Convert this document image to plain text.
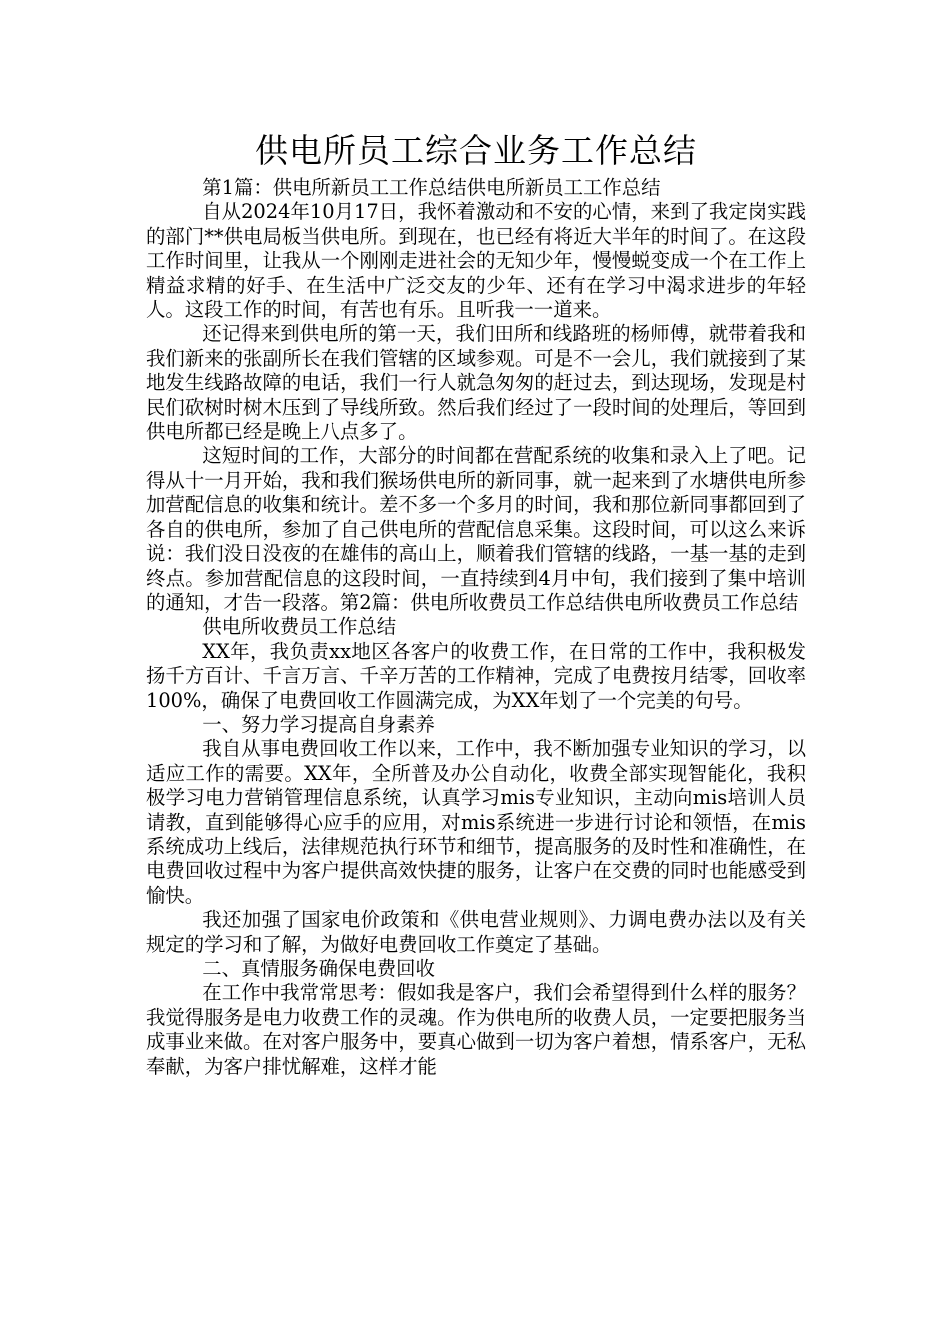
供电所员工综合业务工作总结

第1篇：供电所新员工工作总结供电所新员工工作总结

自从2024年10月17日，我怀着激动和不安的心情，来到了我定岗实践的部门**供电局板当供电所。到现在，也已经有将近大半年的时间了。在这段工作时间里，让我从一个刚刚走进社会的无知少年，慢慢蜕变成一个在工作上精益求精的好手、在生活中广泛交友的少年、还有在学习中渴求进步的年轻人。这段工作的时间，有苦也有乐。且听我一一道来。

还记得来到供电所的第一天，我们田所和线路班的杨师傅，就带着我和我们新来的张副所长在我们管辖的区域参观。可是不一会儿，我们就接到了某地发生线路故障的电话，我们一行人就急匆匆的赶过去，到达现场，发现是村民们砍树时树木压到了导线所致。然后我们经过了一段时间的处理后，等回到供电所都已经是晚上八点多了。

这短时间的工作，大部分的时间都在营配系统的收集和录入上了吧。记得从十一月开始，我和我们猴场供电所的新同事，就一起来到了水塘供电所参加营配信息的收集和统计。差不多一个多月的时间，我和那位新同事都回到了各自的供电所，参加了自己供电所的营配信息采集。这段时间，可以这么来诉说：我们没日没夜的在雄伟的高山上，顺着我们管辖的线路，一基一基的走到终点。参加营配信息的这段时间，一直持续到4月中旬，我们接到了集中培训的通知，才告一段落。第2篇：供电所收费员工作总结供电所收费员工作总结

供电所收费员工作总结

XX年，我负责xx地区各客户的收费工作，在日常的工作中，我积极发扬千方百计、千言万言、千辛万苦的工作精神，完成了电费按月结零，回收率100%，确保了电费回收工作圆满完成，为XX年划了一个完美的句号。

一、努力学习提高自身素养

我自从事电费回收工作以来，工作中，我不断加强专业知识的学习，以适应工作的需要。XX年，全所普及办公自动化，收费全部实现智能化，我积极学习电力营销管理信息系统，认真学习mis专业知识，主动向mis培训人员请教，直到能够得心应手的应用，对mis系统进一步进行讨论和领悟，在mis系统成功上线后，法律规范执行环节和细节，提高服务的及时性和准确性，在电费回收过程中为客户提供高效快捷的服务，让客户在交费的同时也能感受到愉快。

我还加强了国家电价政策和《供电营业规则》、力调电费办法以及有关规定的学习和了解，为做好电费回收工作奠定了基础。

二、真情服务确保电费回收

在工作中我常常思考：假如我是客户，我们会希望得到什么样的服务？我觉得服务是电力收费工作的灵魂。作为供电所的收费人员，一定要把服务当成事业来做。在对客户服务中，要真心做到一切为客户着想，情系客户，无私奉献，为客户排忧解难，这样才能
